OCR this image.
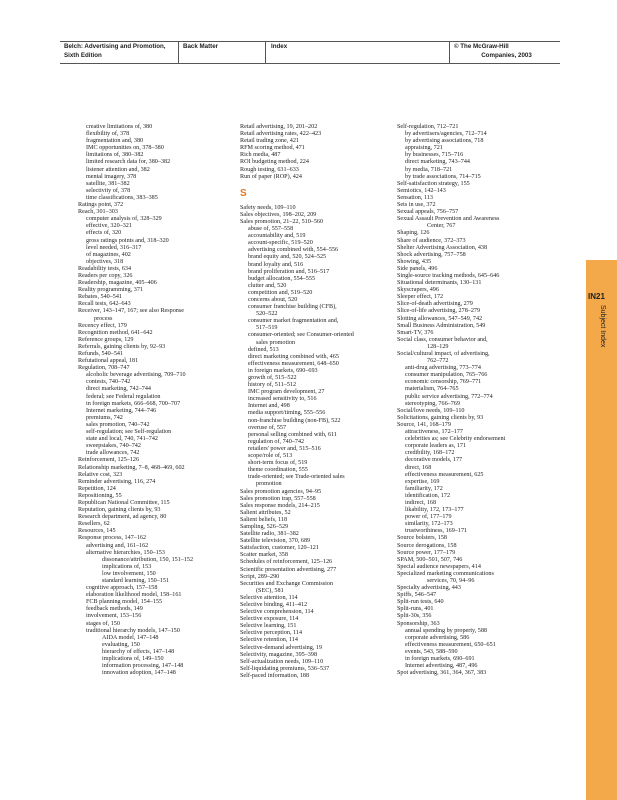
Belch: Advertising and Promotion, Sixth Edition
Back Matter	Index	© The McGraw-Hill
Companies, 2003
creative limitations of, 380
flexibility of, 378
fragmentation and, 380
IMC opportunities on, 378–380
limitations of, 380–382
limited research data for, 380–382
listener attention and, 382
mental imagery, 378
satellite, 381–382
selectivity of, 378
time classifications, 383–385
Ratings point, 372
Reach, 301–303
computer analysis of, 328–329
effective, 320–321
effects of, 320
gross ratings points and, 318–320
level needed, 316–317
of magazines, 402
objectives, 318
Readability tests, 634
Readers per copy, 326
Readership, magazine, 405–406
Reality programming, 371
Rebates, 540–541
Recall tests, 642–643
Receiver, 143–147, 167; see also Response
process
Recency effect, 179
Recognition method, 641–642
Reference groups, 129
Referrals, gaining clients by, 92–93
Refunds, 540–541
Refutational appeal, 181
Regulation, 708–747
alcoholic beverage advertising, 709–710
contests, 740–742
direct marketing, 742–744
federal; see Federal regulation
in foreign markets, 666–668, 700–707
Internet marketing, 744–746
premiums, 742
sales promotion, 740–742
self-regulation; see Self-regulation
state and local, 740, 741–742
sweepstakes, 740–742
trade allowances, 742
Reinforcement, 125–126
Relationship marketing, 7–8, 468–469, 602
Relative cost, 323
Reminder advertising, 116, 274
Repetition, 124
Repositioning, 55
Republican National Committee, 115
Reputation, gaining clients by, 93
Research department, ad agency, 80
Resellers, 62
Resources, 145
Response process, 147–162
advertising and, 161–162
alternative hierarchies, 150–153
dissonance/attribution, 150, 151–152
implications of, 153
low involvement, 150
standard learning, 150–151
cognitive approach, 157–158
elaboration likelihood model, 158–161
FCB planning model, 154–155
feedback methods, 149
involvement, 153–156
stages of, 150
traditional hierarchy models, 147–150
AIDA model, 147–148
evaluating, 150
hierarchy of effects, 147–148
implications of, 149–150
information processing, 147–148
innovation adoption, 147–148
Retail advertising, 19, 201–202
Retail advertising rates, 422–423
Retail trading zone, 421
RFM scoring method, 471
Rich media, 487
ROI budgeting method, 224
Rough testing, 631–633
Run of paper (ROP), 424
S
Safety needs, 109–110
Sales objectives, 198–202, 209
Sales promotion, 21–22, 510–560
abuse of, 557–558
accountability and, 519
account-specific, 519–520
advertising combined with, 554–556
brand equity and, 520, 524–525
brand loyalty and, 516
brand proliferation and, 516–517
budget allocation, 554–555
clutter and, 520
competition and, 519–520
concerns about, 520
consumer franchise building (CFB),
520–522
consumer market fragmentation and,
517–519
consumer-oriented; see Consumer-oriented
sales promotion
defined, 513
direct marketing combined with, 465
effectiveness measurement, 648–650
in foreign markets, 690–693
growth of, 515–522
history of, 511–512
IMC program development, 27
increased sensitivity to, 516
Internet and, 498
media support/timing, 555–556
non-franchise building (non-FB), 522
overuse of, 557
personal selling combined with, 611
regulation of, 740–742
retailers' power and, 515–516
scope/role of, 513
short-term focus of, 519
theme coordination, 555
trade-oriented; see Trade-oriented sales
promotion
Sales promotion agencies, 94–95
Sales promotion trap, 557–558
Sales response models, 214–215
Salient attributes, 52
Salient beliefs, 118
Sampling, 526–529
Satellite radio, 381–382
Satellite television, 370, 689
Satisfaction, customer, 120–121
Scatter market, 358
Schedules of reinforcement, 125–126
Scientific presentation advertising, 277
Script, 289–290
Securities and Exchange Commission
(SEC), 581
Selective attention, 114
Selective binding, 411–412
Selective comprehension, 114
Selective exposure, 114
Selective learning, 151
Selective perception, 114
Selective retention, 114
Selective-demand advertising, 19
Selectivity, magazine, 395–398
Self-actualization needs, 109–110
Self-liquidating premiums, 536–537
Self-paced information, 188
Self-regulation, 712–721
by advertisers/agencies, 712–714
by advertising associations, 718
appraising, 721
by businesses, 715–716
direct marketing, 743–744
by media, 718–721
by trade associations, 714–715
Self-satisfaction strategy, 155
Semiotics, 142–143
Sensation, 113
Sets in use, 372
Sexual appeals, 756–757
Sexual Assault Prevention and Awareness
Center, 767
Shaping, 126
Share of audience, 372–373
Shelter Advertising Association, 438
Shock advertising, 757–758
Showing, 435
Side panels, 496
Single-source tracking methods, 645–646
Situational determinants, 130–131
Skyscrapers, 496
Sleeper effect, 172
Slice-of-death advertising, 279
Slice-of-life advertising, 278–279
Slotting allowances, 547–549, 742
Small Business Administration, 549
Smart-TV, 376
Social class, consumer behavior and,
128–129
Social/cultural impact, of advertising,
762–772
anti-drug advertising, 773–774
consumer manipulation, 765–766
economic censorship, 769–771
materialism, 764–765
public service advertising, 772–774
stereotyping, 766–769
Social/love needs, 109–110
Solicitations, gaining clients by, 93
Source, 141, 168–179
attractiveness, 172–177
celebrities as; see Celebrity endorsement
corporate leaders as, 171
credibility, 168–172
decorative models, 177
direct, 168
effectiveness measurement, 625
expertise, 169
familiarity, 172
identification, 172
indirect, 168
likability, 172, 173–177
power of, 177–179
similarity, 172–173
trustworthiness, 169–171
Source bolsters, 158
Source derogations, 158
Source power, 177–179
SPAM, 500–501, 507, 746
Special audience newspapers, 414
Specialized marketing communications
services, 70, 94–96
Specialty advertising, 443
Spiffs, 546–547
Split-run tests, 640
Split-runs, 401
Split-30s, 356
Sponsorship, 363
annual spending by property, 588
corporate advertising, 586
effectiveness measurement, 650–651
events, 543, 588–590
in foreign markets, 690–691
Internet advertising, 487, 496
Spot advertising, 361, 364, 367, 383
IN21
Subject Index
